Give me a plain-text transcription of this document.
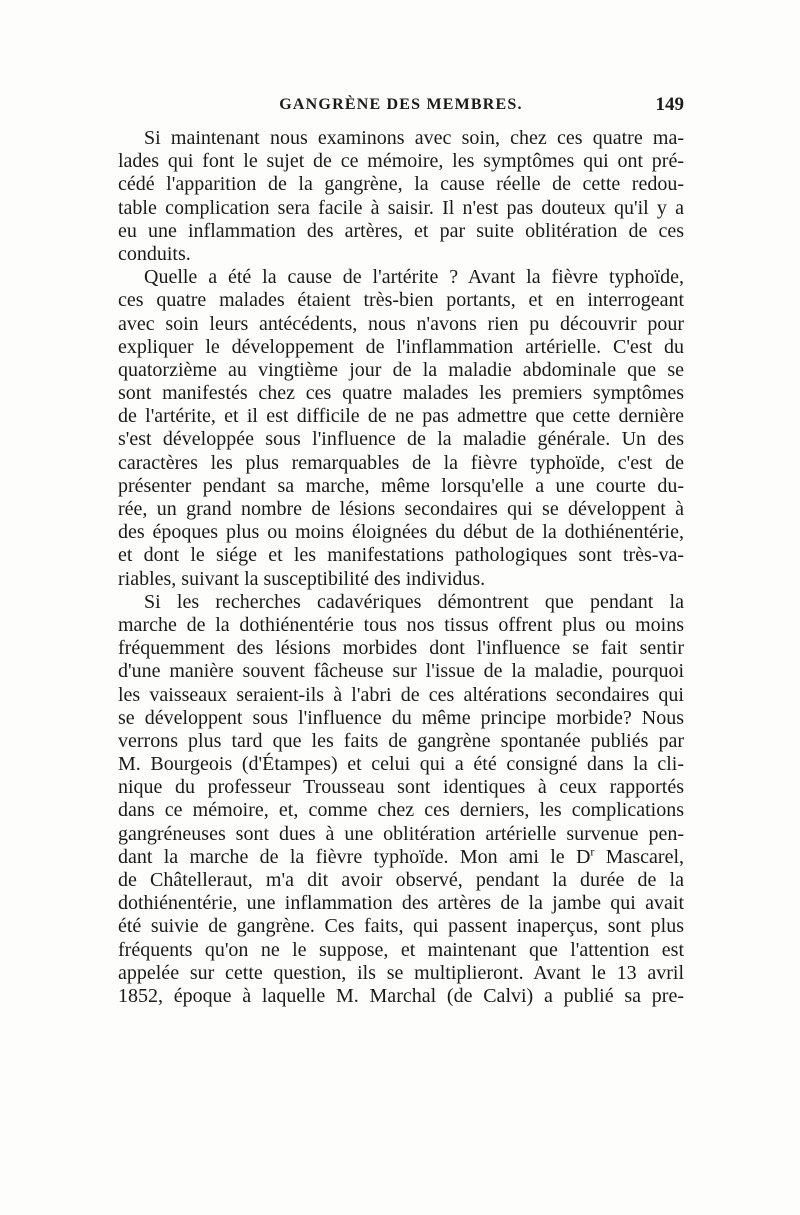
GANGRÈNE DES MEMBRES.	149
Si maintenant nous examinons avec soin, chez ces quatre ma-
lades qui font le sujet de ce mémoire, les symptômes qui ont pré-
cédé l'apparition de la gangrène, la cause réelle de cette redou-
table complication sera facile à saisir. Il n'est pas douteux qu'il y a
eu une inflammation des artères, et par suite oblitération de ces
conduits.
Quelle a été la cause de l'artérite ? Avant la fièvre typhoïde,
ces quatre malades étaient très-bien portants, et en interrogeant
avec soin leurs antécédents, nous n'avons rien pu découvrir pour
expliquer le développement de l'inflammation artérielle. C'est du
quatorzième au vingtième jour de la maladie abdominale que se
sont manifestés chez ces quatre malades les premiers symptômes
de l'artérite, et il est difficile de ne pas admettre que cette dernière
s'est développée sous l'influence de la maladie générale. Un des
caractères les plus remarquables de la fièvre typhoïde, c'est de
présenter pendant sa marche, même lorsqu'elle a une courte du-
rée, un grand nombre de lésions secondaires qui se développent à
des époques plus ou moins éloignées du début de la dothiénentérie,
et dont le siége et les manifestations pathologiques sont très-va-
riables, suivant la susceptibilité des individus.
Si les recherches cadavériques démontrent que pendant la
marche de la dothiénentérie tous nos tissus offrent plus ou moins
fréquemment des lésions morbides dont l'influence se fait sentir
d'une manière souvent fâcheuse sur l'issue de la maladie, pourquoi
les vaisseaux seraient-ils à l'abri de ces altérations secondaires qui
se développent sous l'influence du même principe morbide? Nous
verrons plus tard que les faits de gangrène spontanée publiés par
M. Bourgeois (d'Étampes) et celui qui a été consigné dans la cli-
nique du professeur Trousseau sont identiques à ceux rapportés
dans ce mémoire, et, comme chez ces derniers, les complications
gangréneuses sont dues à une oblitération artérielle survenue pen-
dant la marche de la fièvre typhoïde. Mon ami le $D^r$ Mascarel,
de Châtelleraut, m'a dit avoir observé, pendant la durée de la
dothiénentérie, une inflammation des artères de la jambe qui avait
été suivie de gangrène. Ces faits, qui passent inaperçus, sont plus
fréquents qu'on ne le suppose, et maintenant que l'attention est
appelée sur cette question, ils se multiplieront. Avant le 13 avril
1852, époque à laquelle M. Marchal (de Calvi) a publié sa pre-
